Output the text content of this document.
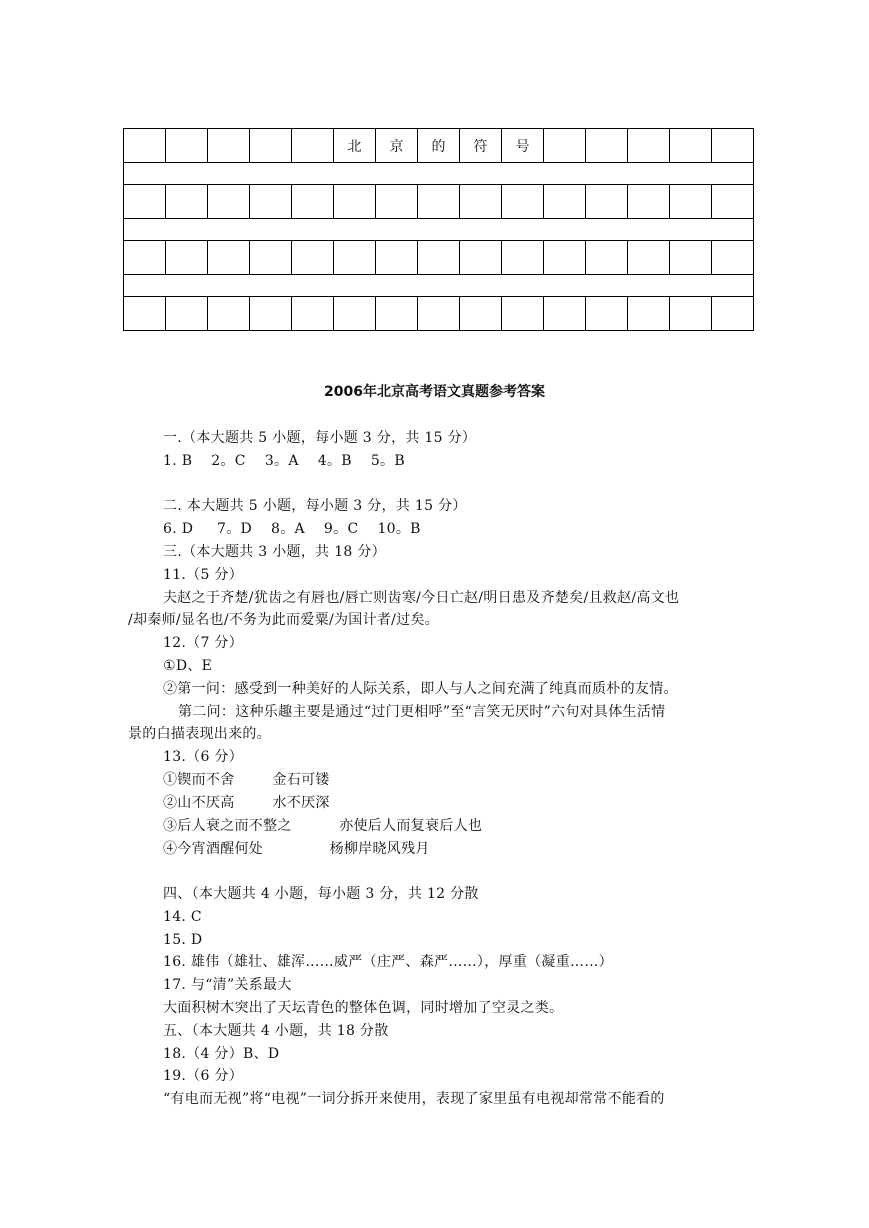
					北	京	的	符	号					

2006年北京高考语文真题参考答案
一.（本大题共 5 小题，每小题 3 分，共 15 分）
1. B    2。C    3。A    4。B    5。B
二. 本大题共 5 小题，每小题 3 分，共 15 分）
6. D     7。D    8。A    9。C    10。B
三.（本大题共 3 小题，共 18 分）
11.（5 分）
夫赵之于齐楚/犹齿之有唇也/唇亡则齿寒/今日亡赵/明日患及齐楚矣/且救赵/高文也
/却秦师/显名也/不务为此而爱粟/为国计者/过矣。
12.（7 分）
①D、E
②第一问：感受到一种美好的人际关系，即人与人之间充满了纯真而质朴的友情。
第二问：这种乐趣主要是通过“过门更相呼”至“言笑无厌时”六句对具体生活情
景的白描表现出来的。
13.（6 分）
①锲而不舍        金石可镂
②山不厌高        水不厌深
③后人衰之而不整之          亦使后人而复衰后人也
④今宵酒醒何处              杨柳岸晓风残月
四、（本大题共 4 小题，每小题 3 分，共 12 分散
14. C
15. D
16. 雄伟（雄壮、雄浑……威严（庄严、森严……），厚重（凝重……）
17. 与“清”关系最大
大面积树木突出了天坛青色的整体色调，同时增加了空灵之类。
五、（本大题共 4 小题，共 18 分散
18.（4 分）B、D
19.（6 分）
“有电而无视”将“电视”一词分拆开来使用，表现了家里虽有电视却常常不能看的
